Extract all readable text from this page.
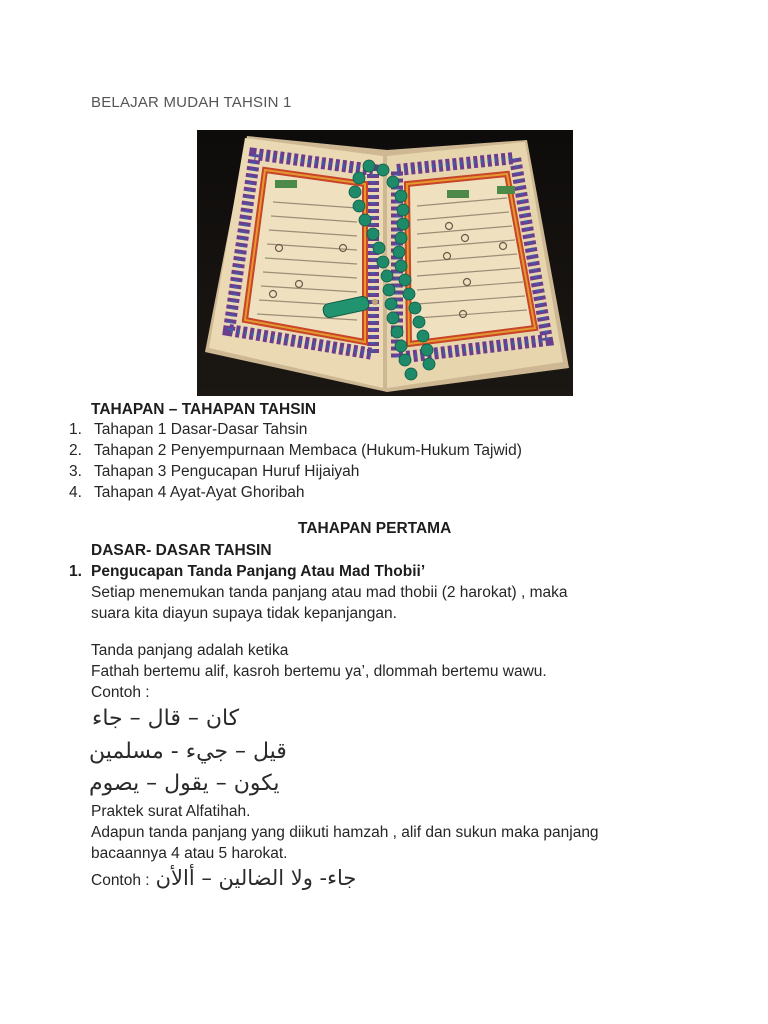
BELAJAR MUDAH TAHSIN 1
TAHAPAN – TAHAPAN TAHSIN
1. Tahapan 1 Dasar-Dasar Tahsin
2. Tahapan 2 Penyempurnaan Membaca (Hukum-Hukum Tajwid)
3. Tahapan 3 Pengucapan Huruf Hijaiyah
4. Tahapan 4 Ayat-Ayat Ghoribah
TAHAPAN PERTAMA
DASAR- DASAR TAHSIN
1. Pengucapan Tanda Panjang Atau Mad Thobii’
Setiap menemukan tanda panjang atau mad thobii (2 harokat) , maka
suara kita diayun supaya tidak kepanjangan.
Tanda panjang adalah ketika
Fathah bertemu alif, kasroh bertemu ya’, dlommah bertemu wawu.
Contoh :
كان – قال – جاء
قيل – جيء - مسلمين
يكون – يقول – يصوم
Praktek surat Alfatihah.
Adapun tanda panjang yang diikuti hamzah , alif dan sukun maka panjang
bacaannya 4 atau 5 harokat.
Contoh : جاء- ولا الضالين – أالأن
